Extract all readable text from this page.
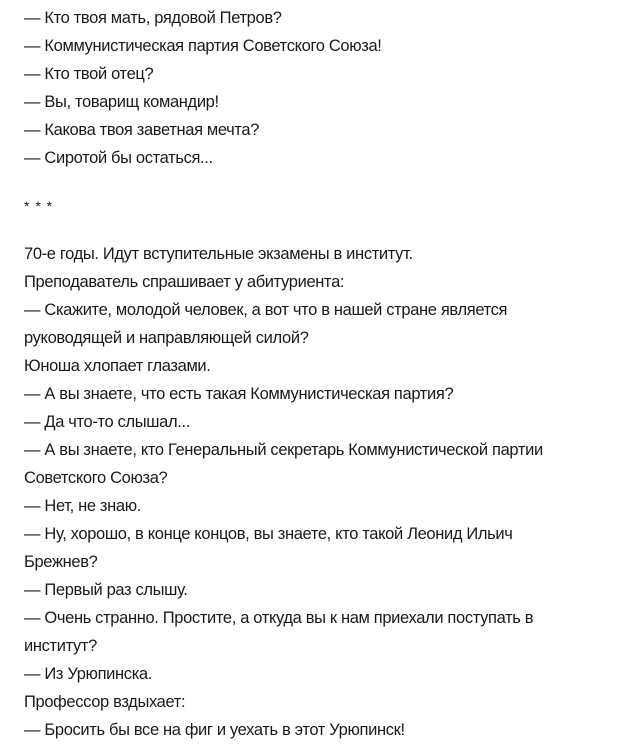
— Кто твоя мать, рядовой Петров?
— Коммунистическая партия Советского Союза!
— Кто твой отец?
— Вы, товарищ командир!
— Какова твоя заветная мечта?
— Сиротой бы остаться...

* * *

70-е годы. Идут вступительные экзамены в институт.
Преподаватель спрашивает у абитуриента:
— Скажите, молодой человек, а вот что в нашей стране является
руководящей и направляющей силой?
Юноша хлопает глазами.
— А вы знаете, что есть такая Коммунистическая партия?
— Да что-то слышал...
— А вы знаете, кто Генеральный секретарь Коммунистической партии
Советского Союза?
— Нет, не знаю.
— Ну, хорошо, в конце концов, вы знаете, кто такой Леонид Ильич
Брежнев?
— Первый раз слышу.
— Очень странно. Простите, а откуда вы к нам приехали поступать в
институт?
— Из Урюпинска.
Профессор вздыхает:
— Бросить бы все на фиг и уехать в этот Урюпинск!
